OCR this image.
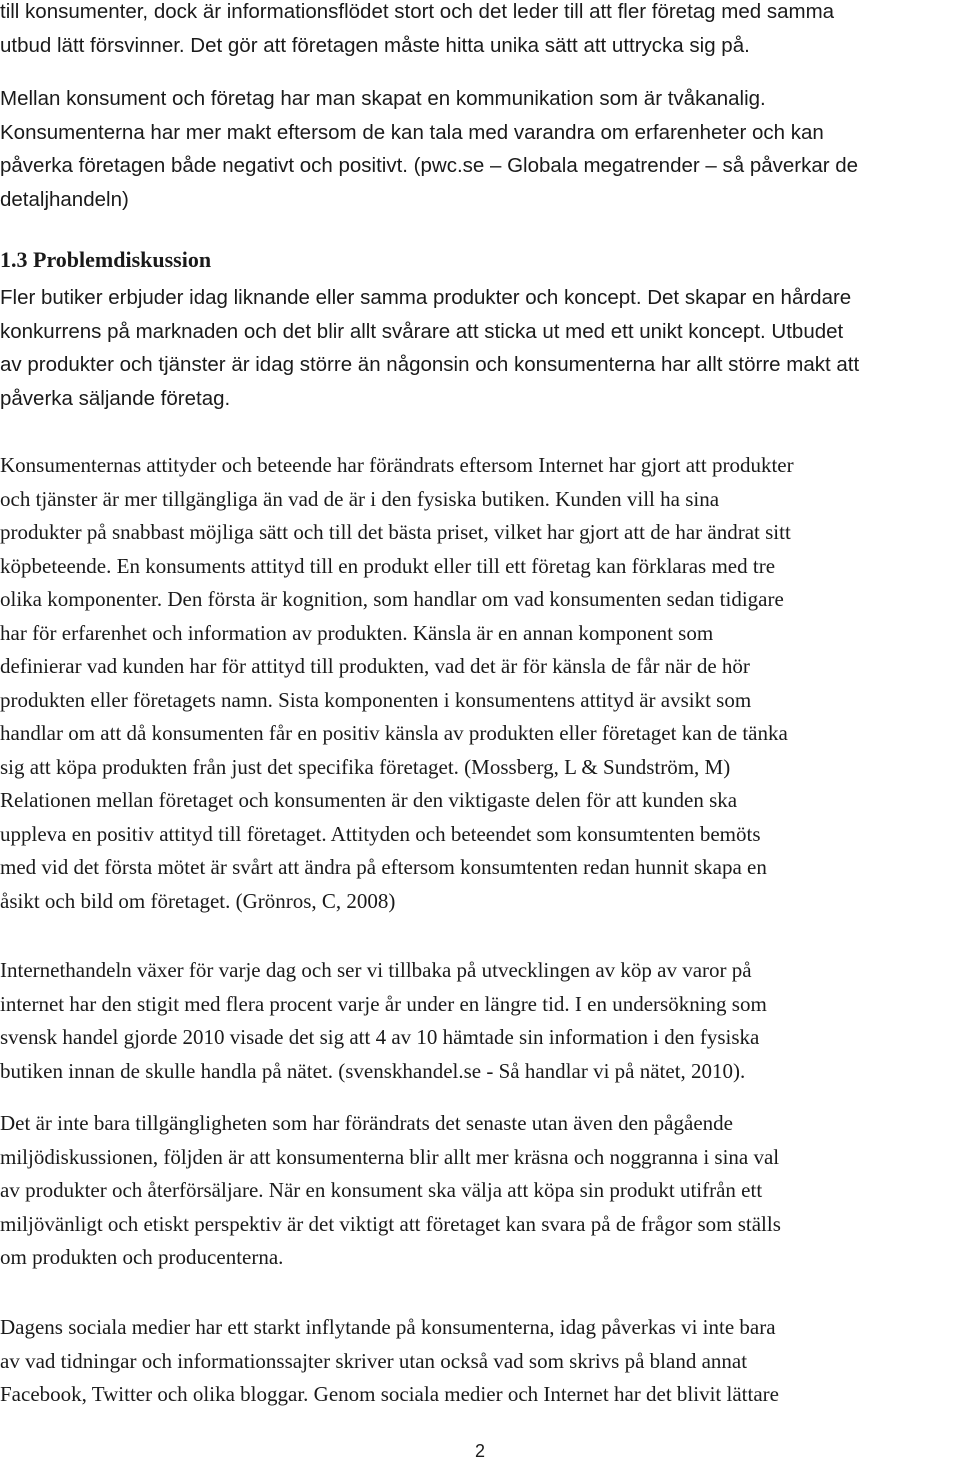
till konsumenter, dock är informationsflödet stort och det leder till att fler företag med samma
utbud lätt försvinner. Det gör att företagen måste hitta unika sätt att uttrycka sig på.
Mellan konsument och företag har man skapat en kommunikation som är tvåkanalig.
Konsumenterna har mer makt eftersom de kan tala med varandra om erfarenheter och kan
påverka företagen både negativt och positivt. (pwc.se – Globala megatrender – så påverkar de
detaljhandeln)
1.3 Problemdiskussion
Fler butiker erbjuder idag liknande eller samma produkter och koncept. Det skapar en hårdare
konkurrens på marknaden och det blir allt svårare att sticka ut med ett unikt koncept. Utbudet
av produkter och tjänster är idag större än någonsin och konsumenterna har allt större makt att
påverka säljande företag.
Konsumenternas attityder och beteende har förändrats eftersom Internet har gjort att produkter
och tjänster är mer tillgängliga än vad de är i den fysiska butiken. Kunden vill ha sina
produkter på snabbast möjliga sätt och till det bästa priset, vilket har gjort att de har ändrat sitt
köpbeteende. En konsuments attityd till en produkt eller till ett företag kan förklaras med tre
olika komponenter. Den första är kognition, som handlar om vad konsumenten sedan tidigare
har för erfarenhet och information av produkten. Känsla är en annan komponent som
definierar vad kunden har för attityd till produkten, vad det är för känsla de får när de hör
produkten eller företagets namn. Sista komponenten i konsumentens attityd är avsikt som
handlar om att då konsumenten får en positiv känsla av produkten eller företaget kan de tänka
sig att köpa produkten från just det specifika företaget. (Mossberg, L & Sundström, M)
Relationen mellan företaget och konsumenten är den viktigaste delen för att kunden ska
uppleva en positiv attityd till företaget. Attityden och beteendet som konsumtenten bemöts
med vid det första mötet är svårt att ändra på eftersom konsumtenten redan hunnit skapa en
åsikt och bild om företaget. (Grönros, C, 2008)
Internethandeln växer för varje dag och ser vi tillbaka på utvecklingen av köp av varor på
internet har den stigit med flera procent varje år under en längre tid. I en undersökning som
svensk handel gjorde 2010 visade det sig att 4 av 10 hämtade sin information i den fysiska
butiken innan de skulle handla på nätet. (svenskhandel.se - Så handlar vi på nätet, 2010).
Det är inte bara tillgängligheten som har förändrats det senaste utan även den pågående
miljödiskussionen, följden är att konsumenterna blir allt mer kräsna och noggranna i sina val
av produkter och återförsäljare. När en konsument ska välja att köpa sin produkt utifrån ett
miljövänligt och etiskt perspektiv är det viktigt att företaget kan svara på de frågor som ställs
om produkten och producenterna.
Dagens sociala medier har ett starkt inflytande på konsumenterna, idag påverkas vi inte bara
av vad tidningar och informationssajter skriver utan också vad som skrivs på bland annat
Facebook, Twitter och olika bloggar. Genom sociala medier och Internet har det blivit lättare
2
